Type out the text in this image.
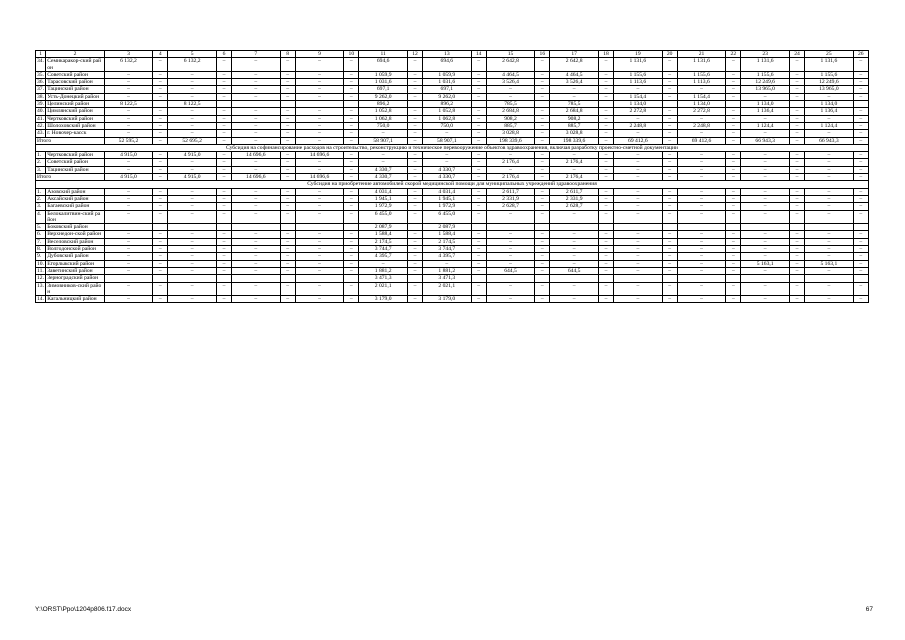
1	2	3	4	5	6	7	8	9	10	11	12	13	14	15	16	17	18	19	20	21	22	23	24	25	26
34.	Семикаракор-ский район	6 132,2	–	6 132,2	–	–	–	–	–	694,6	–	694,6	–	2 642,8	–	2 642,8	–	1 131,6	–	1 131,6	–	1 131,6	–	1 131,6	–
35.	Советский район	–	–	–	–	–	–	–	–	1 059,9	–	1 059,9	–	4 464,5	–	4 464,5	–	1 155,6	–	1 155,6	–	1 155,6	–	1 155,6	–
36.	Тарасовский район	–	–	–	–	–	–	–	–	1 031,6	–	1 031,6	–	3 526,4	–	3 526,4	–	1 113,6	–	1 113,6	–	12 249,6	–	12 249,6	–
37.	Тацинский район	–	–	–	–	–	–	–	–	697,1	–	697,1	–	–	–	–	–	–	–	–	–	13 965,0	–	13 965,0	–
38.	Усть-Донецкий район	–	–	–	–	–	–	–	–	9 262,0	–	9 262,0	–	–	–	–	–	1 154,4	–	1 154,4	–	–	–	–	–
39.	Целинский район	8 122,5		8 122,5						896,2		896,2		785,5		785,5		1 134,0		1 134,0		1 134,0		1 134,0	
40.	Цимлянский район	–	–	–	–	–	–	–	–	1 052,8	–	1 052,8	–	2 684,8	–	2 684,8	–	2 272,8	–	2 272,8	–	1 136,4	–	1 136,4	–
41.	Чертковский район	–	–	–	–	–	–	–	–	1 062,8	–	1 062,8	–	908,2	–	908,2	–	–	–	–	–	–	–	–	–
42.	Шолоховский район	–	–	–	–	–	–	–	–	750,0	–	750,0	–	885,7	–	885,7	–	2 248,8	–	2 248,8	–	1 124,4	–	1 124,4	–
43.	г. Новочер-касск	–	–	–	–	–	–	–	–	–	–	–	–	3 028,8	–	3 028,8	–	–	–	–	–	–	–	–	–
Итого		52 595,2	–	52 695,2	–	–	–	–	–	58 907,1	–	58 907,1	–	198 339,6	–	198 339,6	–	69 412,6	–	69 412,6	–	66 943,3	–	66 943,3	–
Субсидия на софинансирование расходов на строительство, реконструкцию и техническое перевооружение объектов здравоохранения, включая разработку проектно-сметной документации																									
1.	Чертковский район	4 915,0	–	4 915,0	–	14 696,6	–	14 696,6	–	–	–	–	–	–	–	–	–	–	–	–	–	–	–	–	–
2.	Советский район	–	–	–	–	–	–	–	–	–	–	–	–	2 176,4	–	2 176,4	–	–	–	–	–	–	–	–	–
3.	Тацинский район	–	–	–	–	–	–	–	–	4 330,7	–	4 330,7	–	–	–	–	–	–	–	–	–	–	–	–	–
Итого		4 915,0	–	4 915,0	–	14 696,6	–	14 696,6	–	4 330,7	–	4 330,7	–	2 176,4	–	2 176,4	–	–	–	–	–	–	–	–	–
Субсидия на приобретение автомобилей скорой медицинской помощи для муниципальных учреждений здравоохранения																									
1.	Азовский район	–	–	–	–	–	–	–	–	4 031,4	–	4 031,4	–	2 611,7	–	2 611,7	–	–	–	–	–	–	–	–	–
2.	Аксайский район	–	–	–	–	–	–	–	–	1 945,1	–	1 945,1	–	2 331,9	–	2 331,9	–	–	–	–	–	–	–	–	–
3.	Багаевский район	–	–	–	–	–	–	–	–	1 972,9	–	1 972,9	–	2 628,7	–	2 628,7	–	–	–	–	–	–	–	–	–
4.	Белокалитвин-ский район	–	–	–	–	–	–	–	–	6 455,0	–	6 455,0	–	–	–	–	–	–	–	–	–	–	–	–	–
5.	Боковский район									2 087,9		2 087,9													
6.	Верхнедон-ской район	–	–	–	–	–	–	–	–	1 588,4	–	1 588,4	–	–	–	–	–	–	–	–	–	–	–	–	–
7.	Веселовский район	–	–	–	–	–	–	–	–	2 174,5	–	2 174,5	–	–	–	–	–	–	–	–	–	–	–	–	–
8.	Волгодонской район	–	–	–	–	–	–	–	–	3 744,7	–	3 744,7	–	–	–	–	–	–	–	–	–	–	–	–	–
9.	Дубовский район	–	–	–	–	–	–	–	–	4 395,7	–	4 395,7	–	–	–	–	–	–	–	–	–	–	–	–	–
10.	Егорлыкский район	–	–	–	–	–	–	–	–	–	–	–	–	–	–	–	–	–	–	–	–	5 163,1	–	5 163,1	–
11.	Заветинский район	–	–	–	–	–	–	–	–	1 881,2	–	1 881,2	–	644,5	–	644,5	–	–	–	–	–	–	–	–	–
12.	Зерноградский район									3 471,3		3 471,3													
13.	Зимовников-ский район	–	–	–	–	–	–	–	–	2 021,1	–	2 021,1	–	–	–	–	–	–	–	–	–	–	–	–	–
14.	Кагальницкий район	–	–	–	–	–	–	–	–	3 179,0	–	3 179,0	–	–	–	–	–	–	–	–	–	–	–	–	–
Y:\ORST\Ppo\1204p806.f17.docx	67
